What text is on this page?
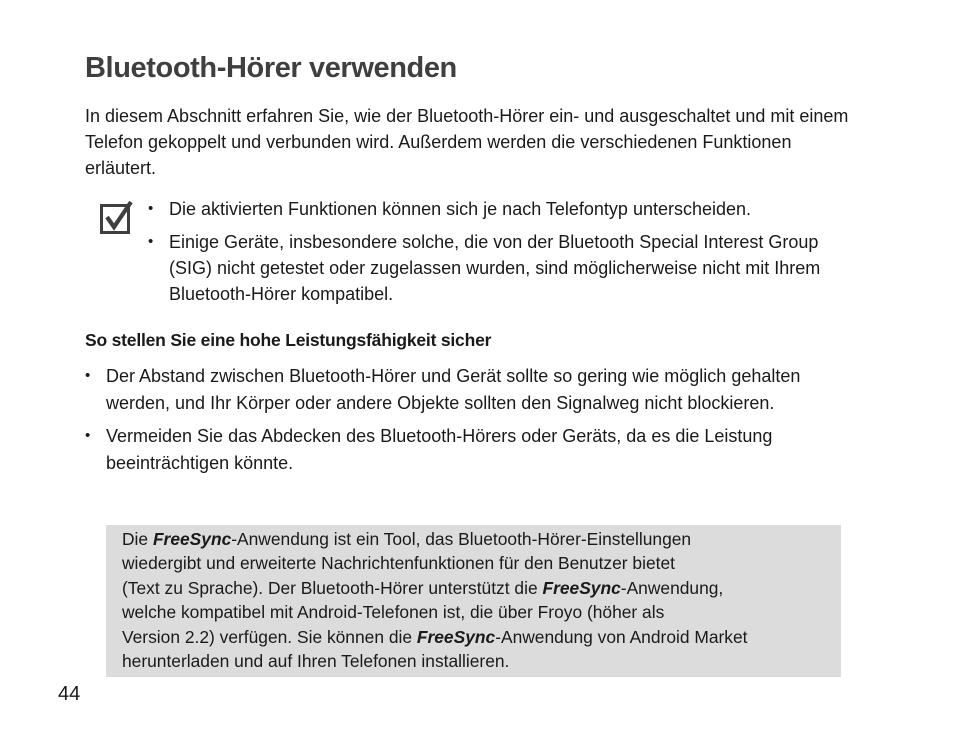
Bluetooth-Hörer verwenden

In diesem Abschnitt erfahren Sie, wie der Bluetooth-Hörer ein- und ausgeschaltet und mit einem Telefon gekoppelt und verbunden wird. Außerdem werden die verschiedenen Funktionen erläutert.

• Die aktivierten Funktionen können sich je nach Telefontyp unterscheiden.
• Einige Geräte, insbesondere solche, die von der Bluetooth Special Interest Group (SIG) nicht getestet oder zugelassen wurden, sind möglicherweise nicht mit Ihrem Bluetooth-Hörer kompatibel.
So stellen Sie eine hohe Leistungsfähigkeit sicher
• Der Abstand zwischen Bluetooth-Hörer und Gerät sollte so gering wie möglich gehalten werden, und Ihr Körper oder andere Objekte sollten den Signalweg nicht blockieren.
• Vermeiden Sie das Abdecken des Bluetooth-Hörers oder Geräts, da es die Leistung beeinträchtigen könnte.
Die FreeSync-Anwendung ist ein Tool, das Bluetooth-Hörer-Einstellungen
wiedergibt und erweiterte Nachrichtenfunktionen für den Benutzer bietet
(Text zu Sprache). Der Bluetooth-Hörer unterstützt die FreeSync-Anwendung,
welche kompatibel mit Android-Telefonen ist, die über Froyo (höher als
Version 2.2) verfügen. Sie können die FreeSync-Anwendung von Android Market
herunterladen und auf Ihren Telefonen installieren.

44
